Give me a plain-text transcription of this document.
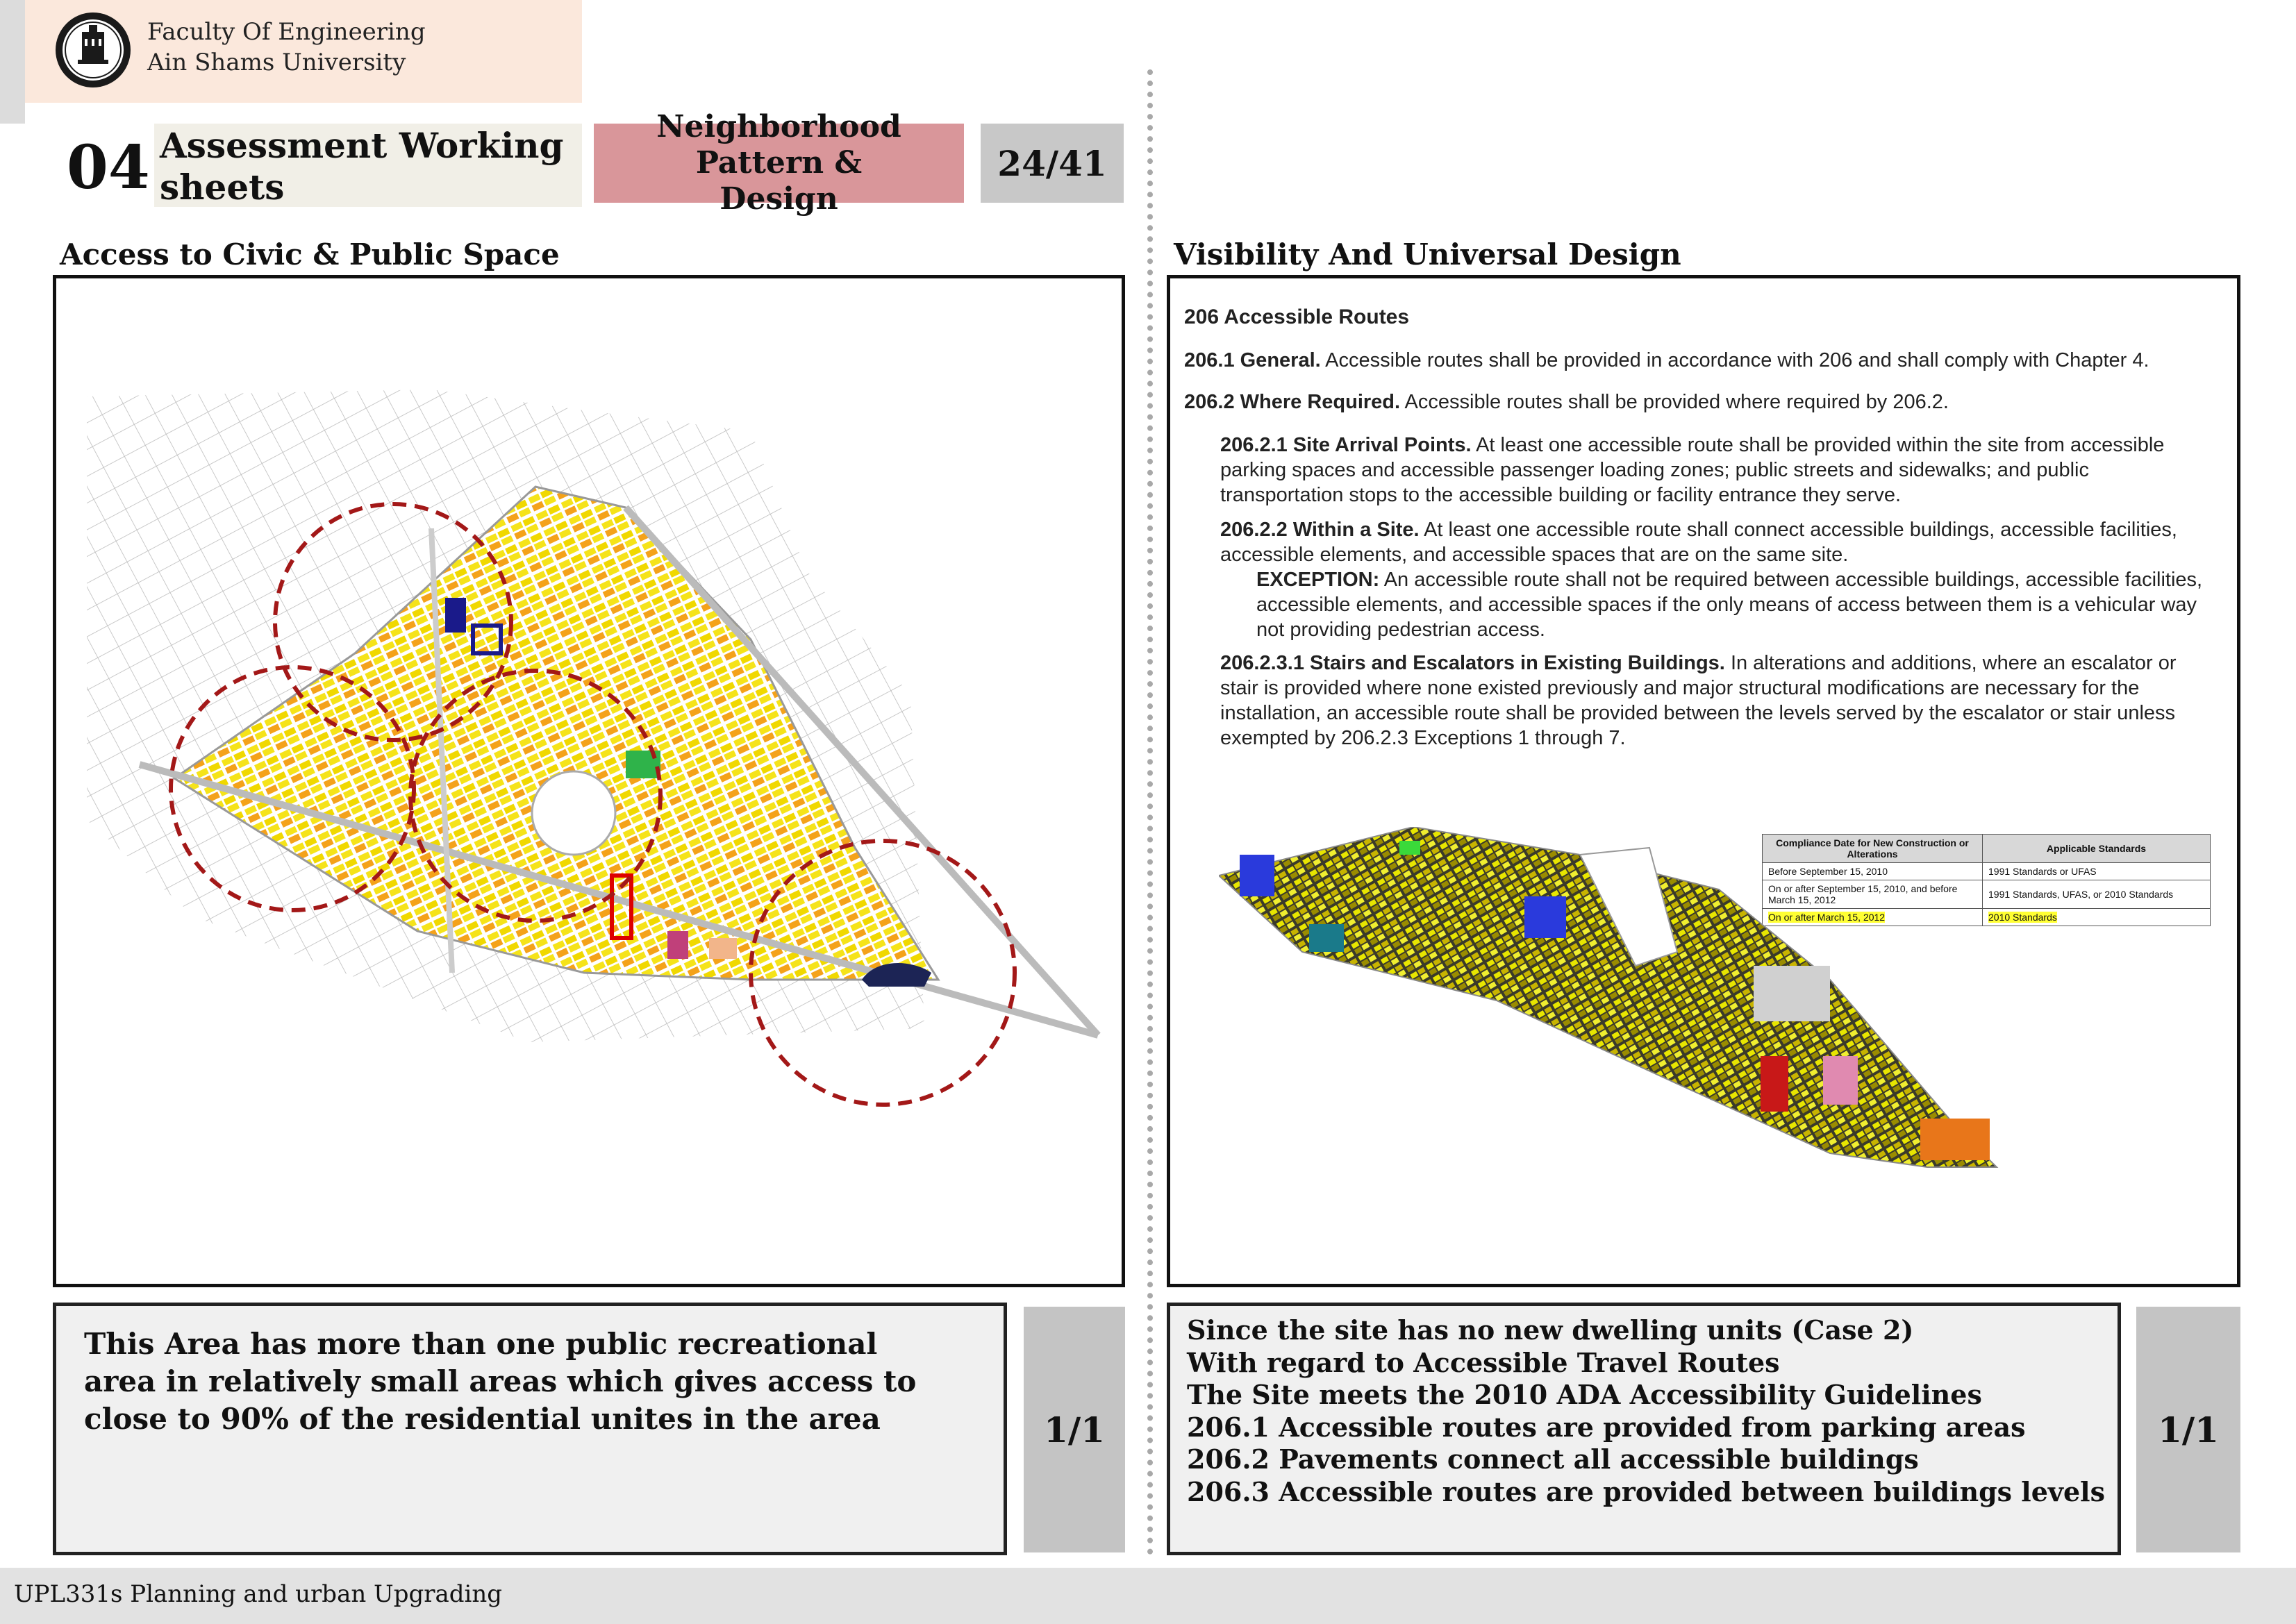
Faculty Of Engineering
Ain Shams University
04 Assessment Working sheets
Neighborhood Pattern & Design
24/41
Access to Civic & Public Space
This Area has more than one public recreational area in relatively small areas which gives access to close to 90% of the residential unites in the area	1/1
Visibility And Universal Design

206 Accessible Routes

206.1 General. Accessible routes shall be provided in accordance with 206 and shall comply with Chapter 4.

206.2 Where Required. Accessible routes shall be provided where required by 206.2.

206.2.1 Site Arrival Points. At least one accessible route shall be provided within the site from accessible parking spaces and accessible passenger loading zones; public streets and sidewalks; and public transportation stops to the accessible building or facility entrance they serve.

206.2.2 Within a Site. At least one accessible route shall connect accessible buildings, accessible facilities, accessible elements, and accessible spaces that are on the same site.

EXCEPTION: An accessible route shall not be required between accessible buildings, accessible facilities, accessible elements, and accessible spaces if the only means of access between them is a vehicular way not providing pedestrian access.

206.2.3.1 Stairs and Escalators in Existing Buildings. In alterations and additions, where an escalator or stair is provided where none existed previously and major structural modifications are necessary for the installation, an accessible route shall be provided between the levels served by the escalator or stair unless exempted by 206.2.3 Exceptions 1 through 7.

Compliance Date for New Construction or Alterations	Applicable Standards
Before September 15, 2010	1991 Standards or UFAS
On or after September 15, 2010, and before March 15, 2012	1991 Standards, UFAS, or 2010 Standards
On or after March 15, 2012	2010 Standards
Since the site has no new dwelling units (Case 2)
With regard to Accessible Travel Routes
The Site meets the 2010 ADA Accessibility Guidelines
206.1 Accessible routes are provided from parking areas
206.2 Pavements connect all accessible buildings
206.3 Accessible routes are provided between buildings levels
1/1
UPL331s Planning and urban Upgrading
